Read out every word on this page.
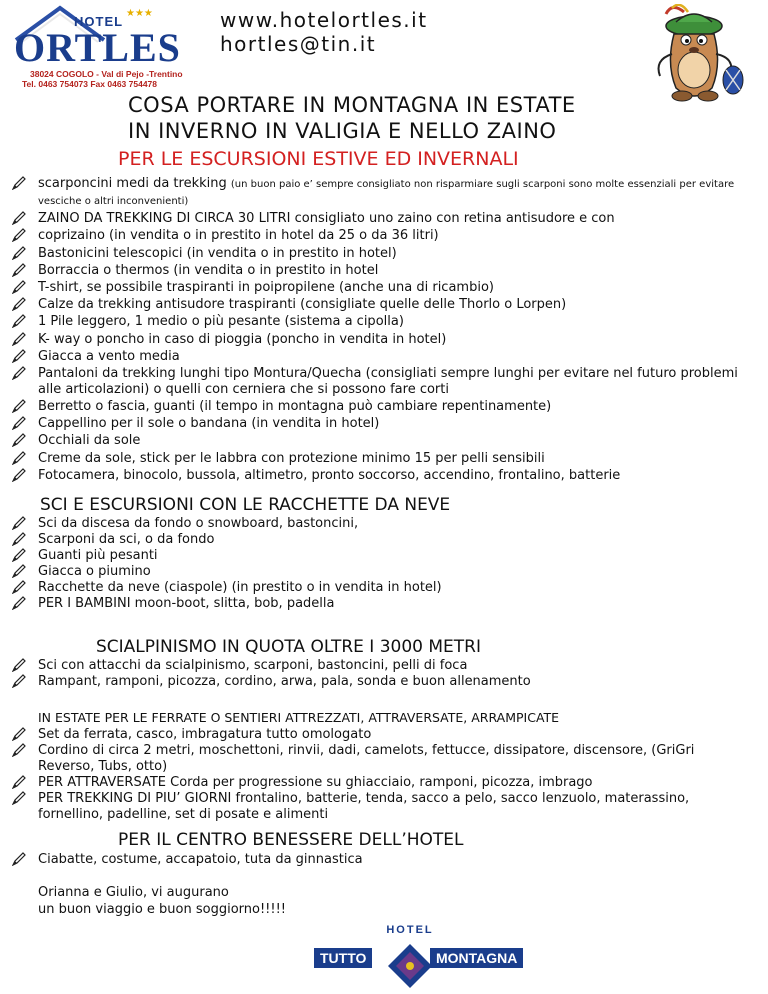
★★★
HOTEL
ORTLES
38024 COGOLO - Val di Pejo -Trentino
Tel. 0463 754073 Fax 0463 754478
www.hotelortles.it
hortles@tin.it
COSA PORTARE IN MONTAGNA IN ESTATE
IN INVERNO IN VALIGIA E NELLO ZAINO
PER LE ESCURSIONI ESTIVE ED INVERNALI
scarponcini medi da trekking (un buon paio e’ sempre consigliato non risparmiare sugli scarponi sono molte essenziali per evitare vesciche o altri inconvenienti)
ZAINO DA TREKKING DI CIRCA 30 LITRI consigliato uno zaino con retina antisudore e con
coprizaino (in vendita o in prestito in hotel da 25 o da 36 litri)
Bastonicini telescopici (in vendita o in prestito in hotel)
Borraccia o thermos (in vendita o in prestito in hotel
T-shirt, se possibile traspiranti in poipropilene (anche una di ricambio)
Calze da trekking antisudore traspiranti (consigliate quelle delle Thorlo o Lorpen)
1 Pile leggero, 1 medio o più pesante (sistema a cipolla)
K- way o poncho in caso di pioggia (poncho in vendita in hotel)
Giacca a vento media
Pantaloni da trekking lunghi tipo Montura/Quecha (consigliati sempre lunghi per evitare nel futuro problemi alle articolazioni) o quelli con cerniera che si possono fare corti
Berretto o fascia, guanti (il tempo in montagna può cambiare repentinamente)
Cappellino per il sole o bandana (in vendita in hotel)
Occhiali da sole
Creme da sole, stick per le labbra con protezione minimo 15 per pelli sensibili
Fotocamera, binocolo, bussola, altimetro, pronto soccorso, accendino, frontalino, batterie
SCI E ESCURSIONI CON LE RACCHETTE DA NEVE
Sci da discesa da fondo o snowboard, bastoncini,
Scarponi da sci, o da fondo
Guanti più pesanti
Giacca o piumino
Racchette da neve (ciaspole) (in prestito o in vendita in hotel)
PER I BAMBINI moon-boot, slitta, bob, padella
SCIALPINISMO IN QUOTA OLTRE I 3000 METRI
Sci con attacchi da scialpinismo, scarponi, bastoncini, pelli di foca
Rampant, ramponi, picozza, cordino, arwa, pala, sonda e buon allenamento
IN ESTATE PER LE FERRATE O SENTIERI ATTREZZATI, ATTRAVERSATE, ARRAMPICATE
Set da ferrata, casco, imbragatura tutto omologato
Cordino di circa 2 metri, moschettoni, rinvii, dadi, camelots, fettucce, dissipatore, discensore, (GriGri Reverso, Tubs, otto)
PER ATTRAVERSATE Corda per progressione su ghiacciaio, ramponi, picozza, imbrago
PER TREKKING DI PIU’ GIORNI frontalino, batterie, tenda, sacco a pelo, sacco lenzuolo, materassino, fornellino, padelline, set di posate e alimenti
PER IL CENTRO BENESSERE DELL’HOTEL
Ciabatte, costume, accapatoio, tuta da ginnastica
Orianna e Giulio, vi augurano
un buon viaggio e buon soggiorno!!!!!
HOTEL
TUTTO	MONTAGNA
